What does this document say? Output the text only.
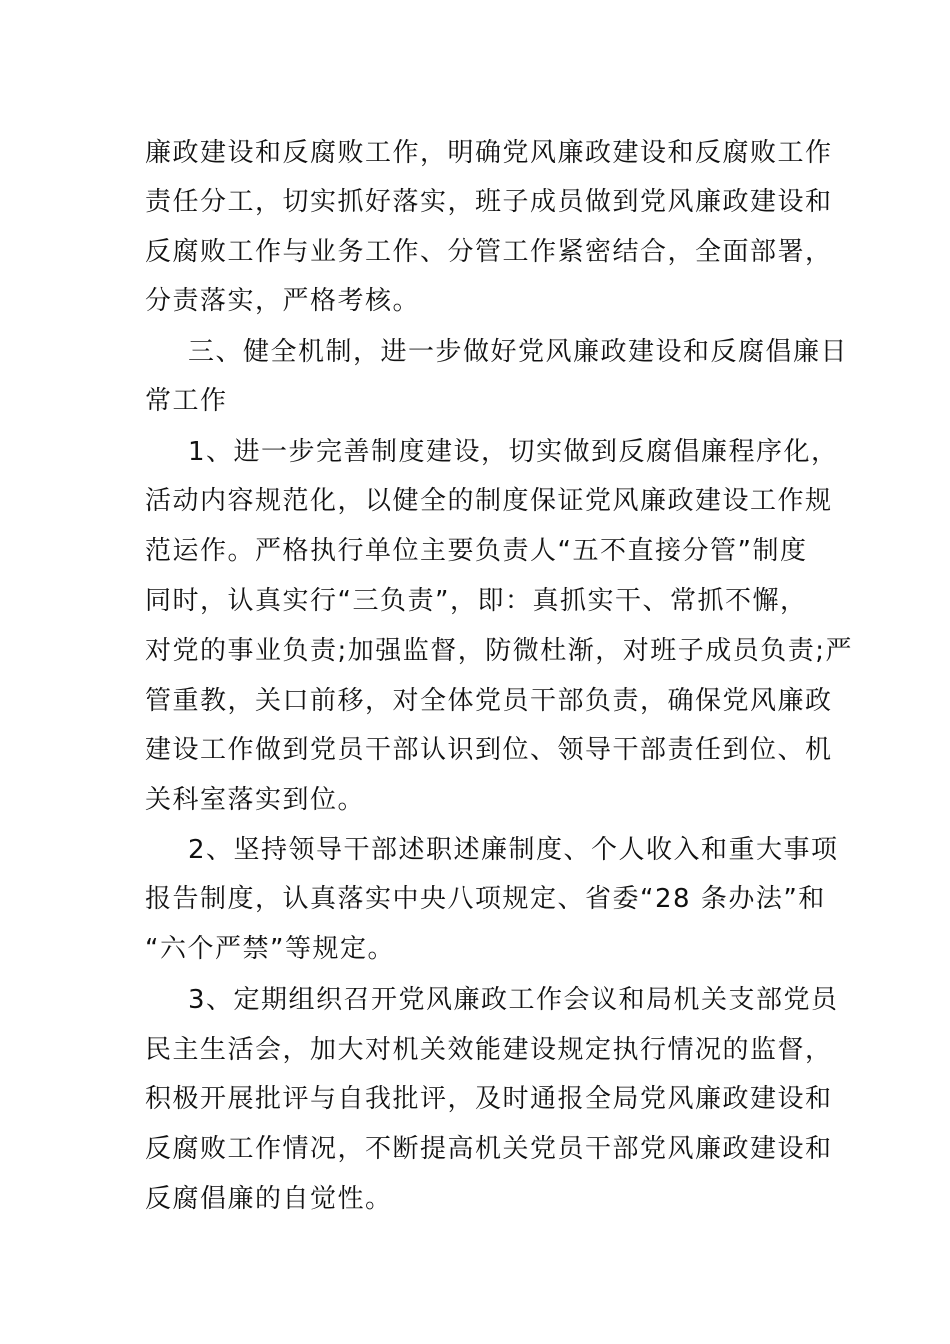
廉政建设和反腐败工作，明确党风廉政建设和反腐败工作
责任分工，切实抓好落实，班子成员做到党风廉政建设和
反腐败工作与业务工作、分管工作紧密结合，全面部署，
分责落实，严格考核。
三、健全机制，进一步做好党风廉政建设和反腐倡廉日
常工作
1、进一步完善制度建设，切实做到反腐倡廉程序化，
活动内容规范化，以健全的制度保证党风廉政建设工作规
范运作。严格执行单位主要负责人“五不直接分管”制度
同时，认真实行“三负责”，即：真抓实干、常抓不懈，
对党的事业负责;加强监督，防微杜渐，对班子成员负责;严
管重教，关口前移，对全体党员干部负责，确保党风廉政
建设工作做到党员干部认识到位、领导干部责任到位、机
关科室落实到位。
2、坚持领导干部述职述廉制度、个人收入和重大事项
报告制度，认真落实中央八项规定、省委“28 条办法”和
“六个严禁”等规定。
3、定期组织召开党风廉政工作会议和局机关支部党员
民主生活会，加大对机关效能建设规定执行情况的监督，
积极开展批评与自我批评，及时通报全局党风廉政建设和
反腐败工作情况，不断提高机关党员干部党风廉政建设和
反腐倡廉的自觉性。
